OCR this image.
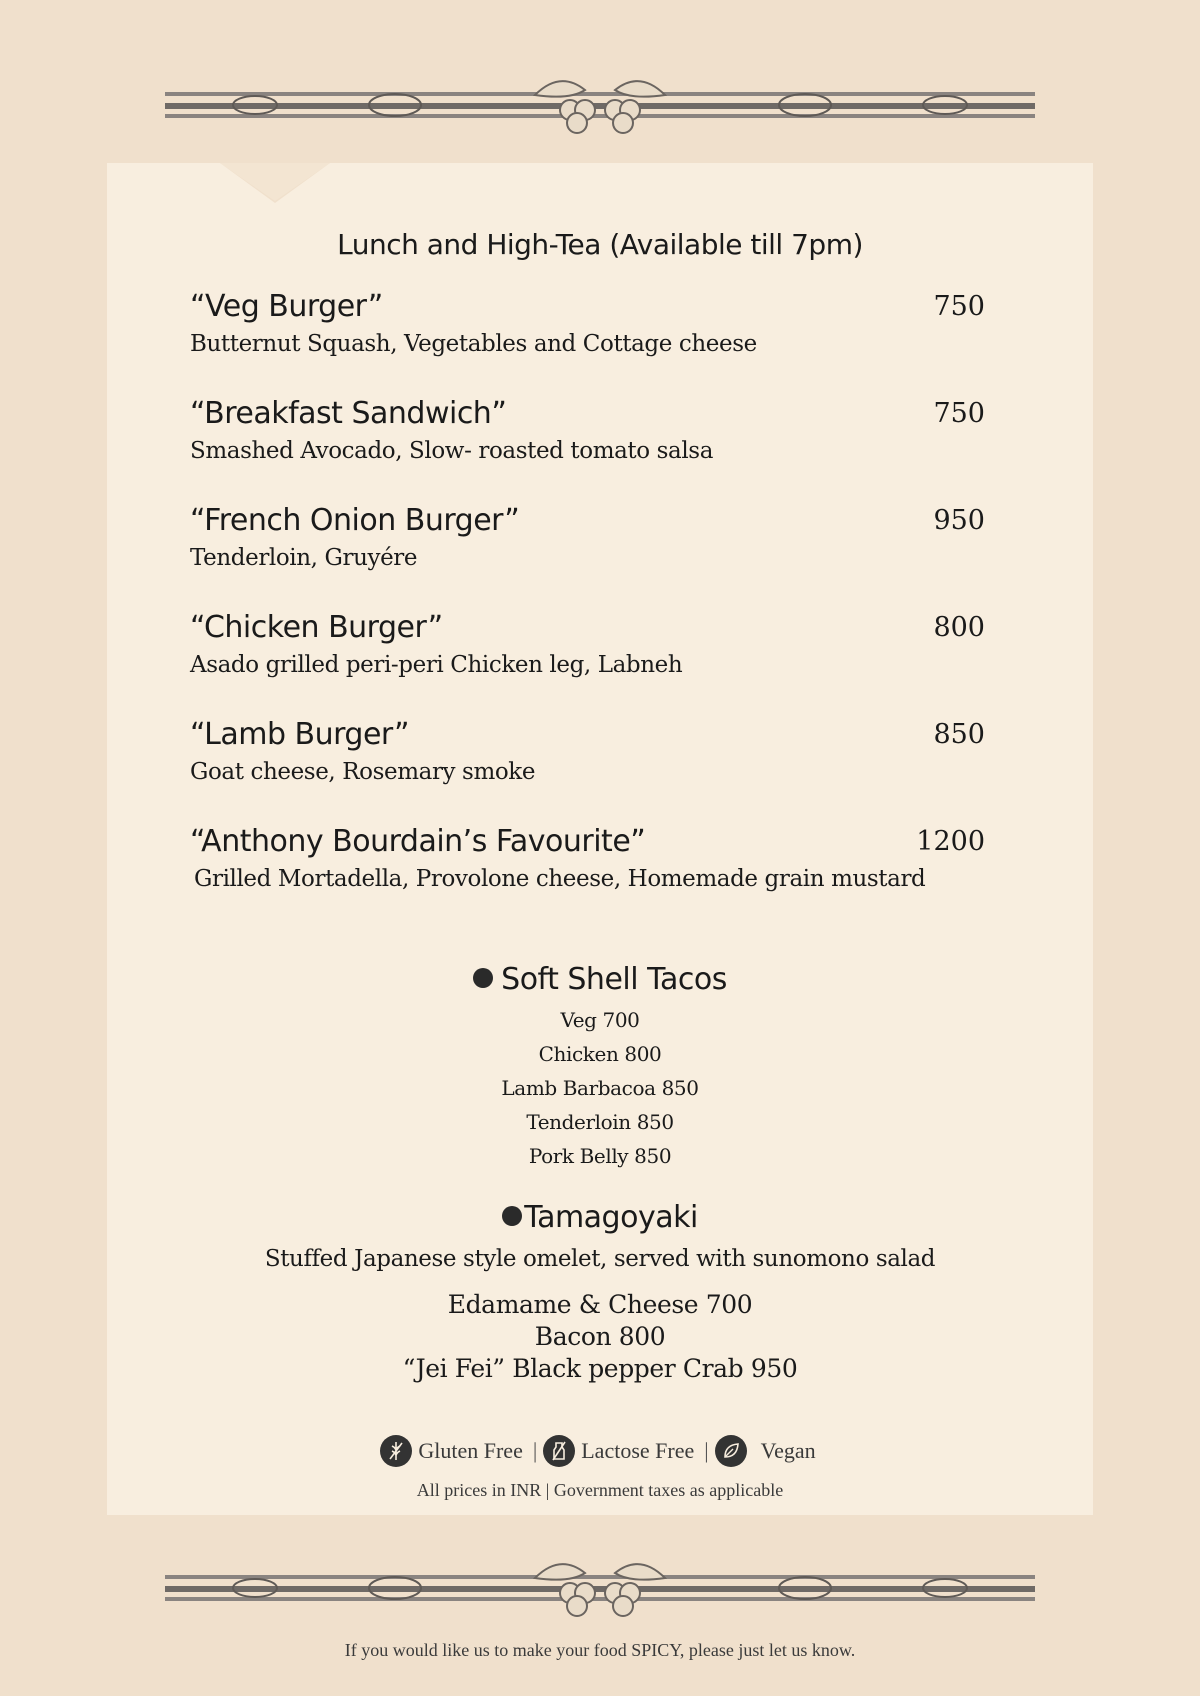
Lunch and High-Tea (Available till 7pm)
“Veg Burger”	750
Butternut Squash, Vegetables and Cottage cheese
“Breakfast Sandwich”	750
Smashed Avocado, Slow- roasted tomato salsa
“French Onion Burger”	950
Tenderloin, Gruyére
“Chicken Burger”	800
Asado grilled peri-peri Chicken leg, Labneh
“Lamb Burger”	850
Goat cheese, Rosemary smoke
“Anthony Bourdain’s Favourite”	1200
Grilled Mortadella, Provolone cheese, Homemade grain mustard
Soft Shell Tacos
Veg 700
Chicken 800
Lamb Barbacoa 850
Tenderloin 850
Pork Belly 850
Tamagoyaki
Stuffed Japanese style omelet, served with sunomono salad
Edamame & Cheese 700
Bacon 800
“Jei Fei” Black pepper Crab 950
Gluten Free | Lactose Free | Vegan
All prices in INR | Government taxes as applicable
If you would like us to make your food SPICY, please just let us know.
